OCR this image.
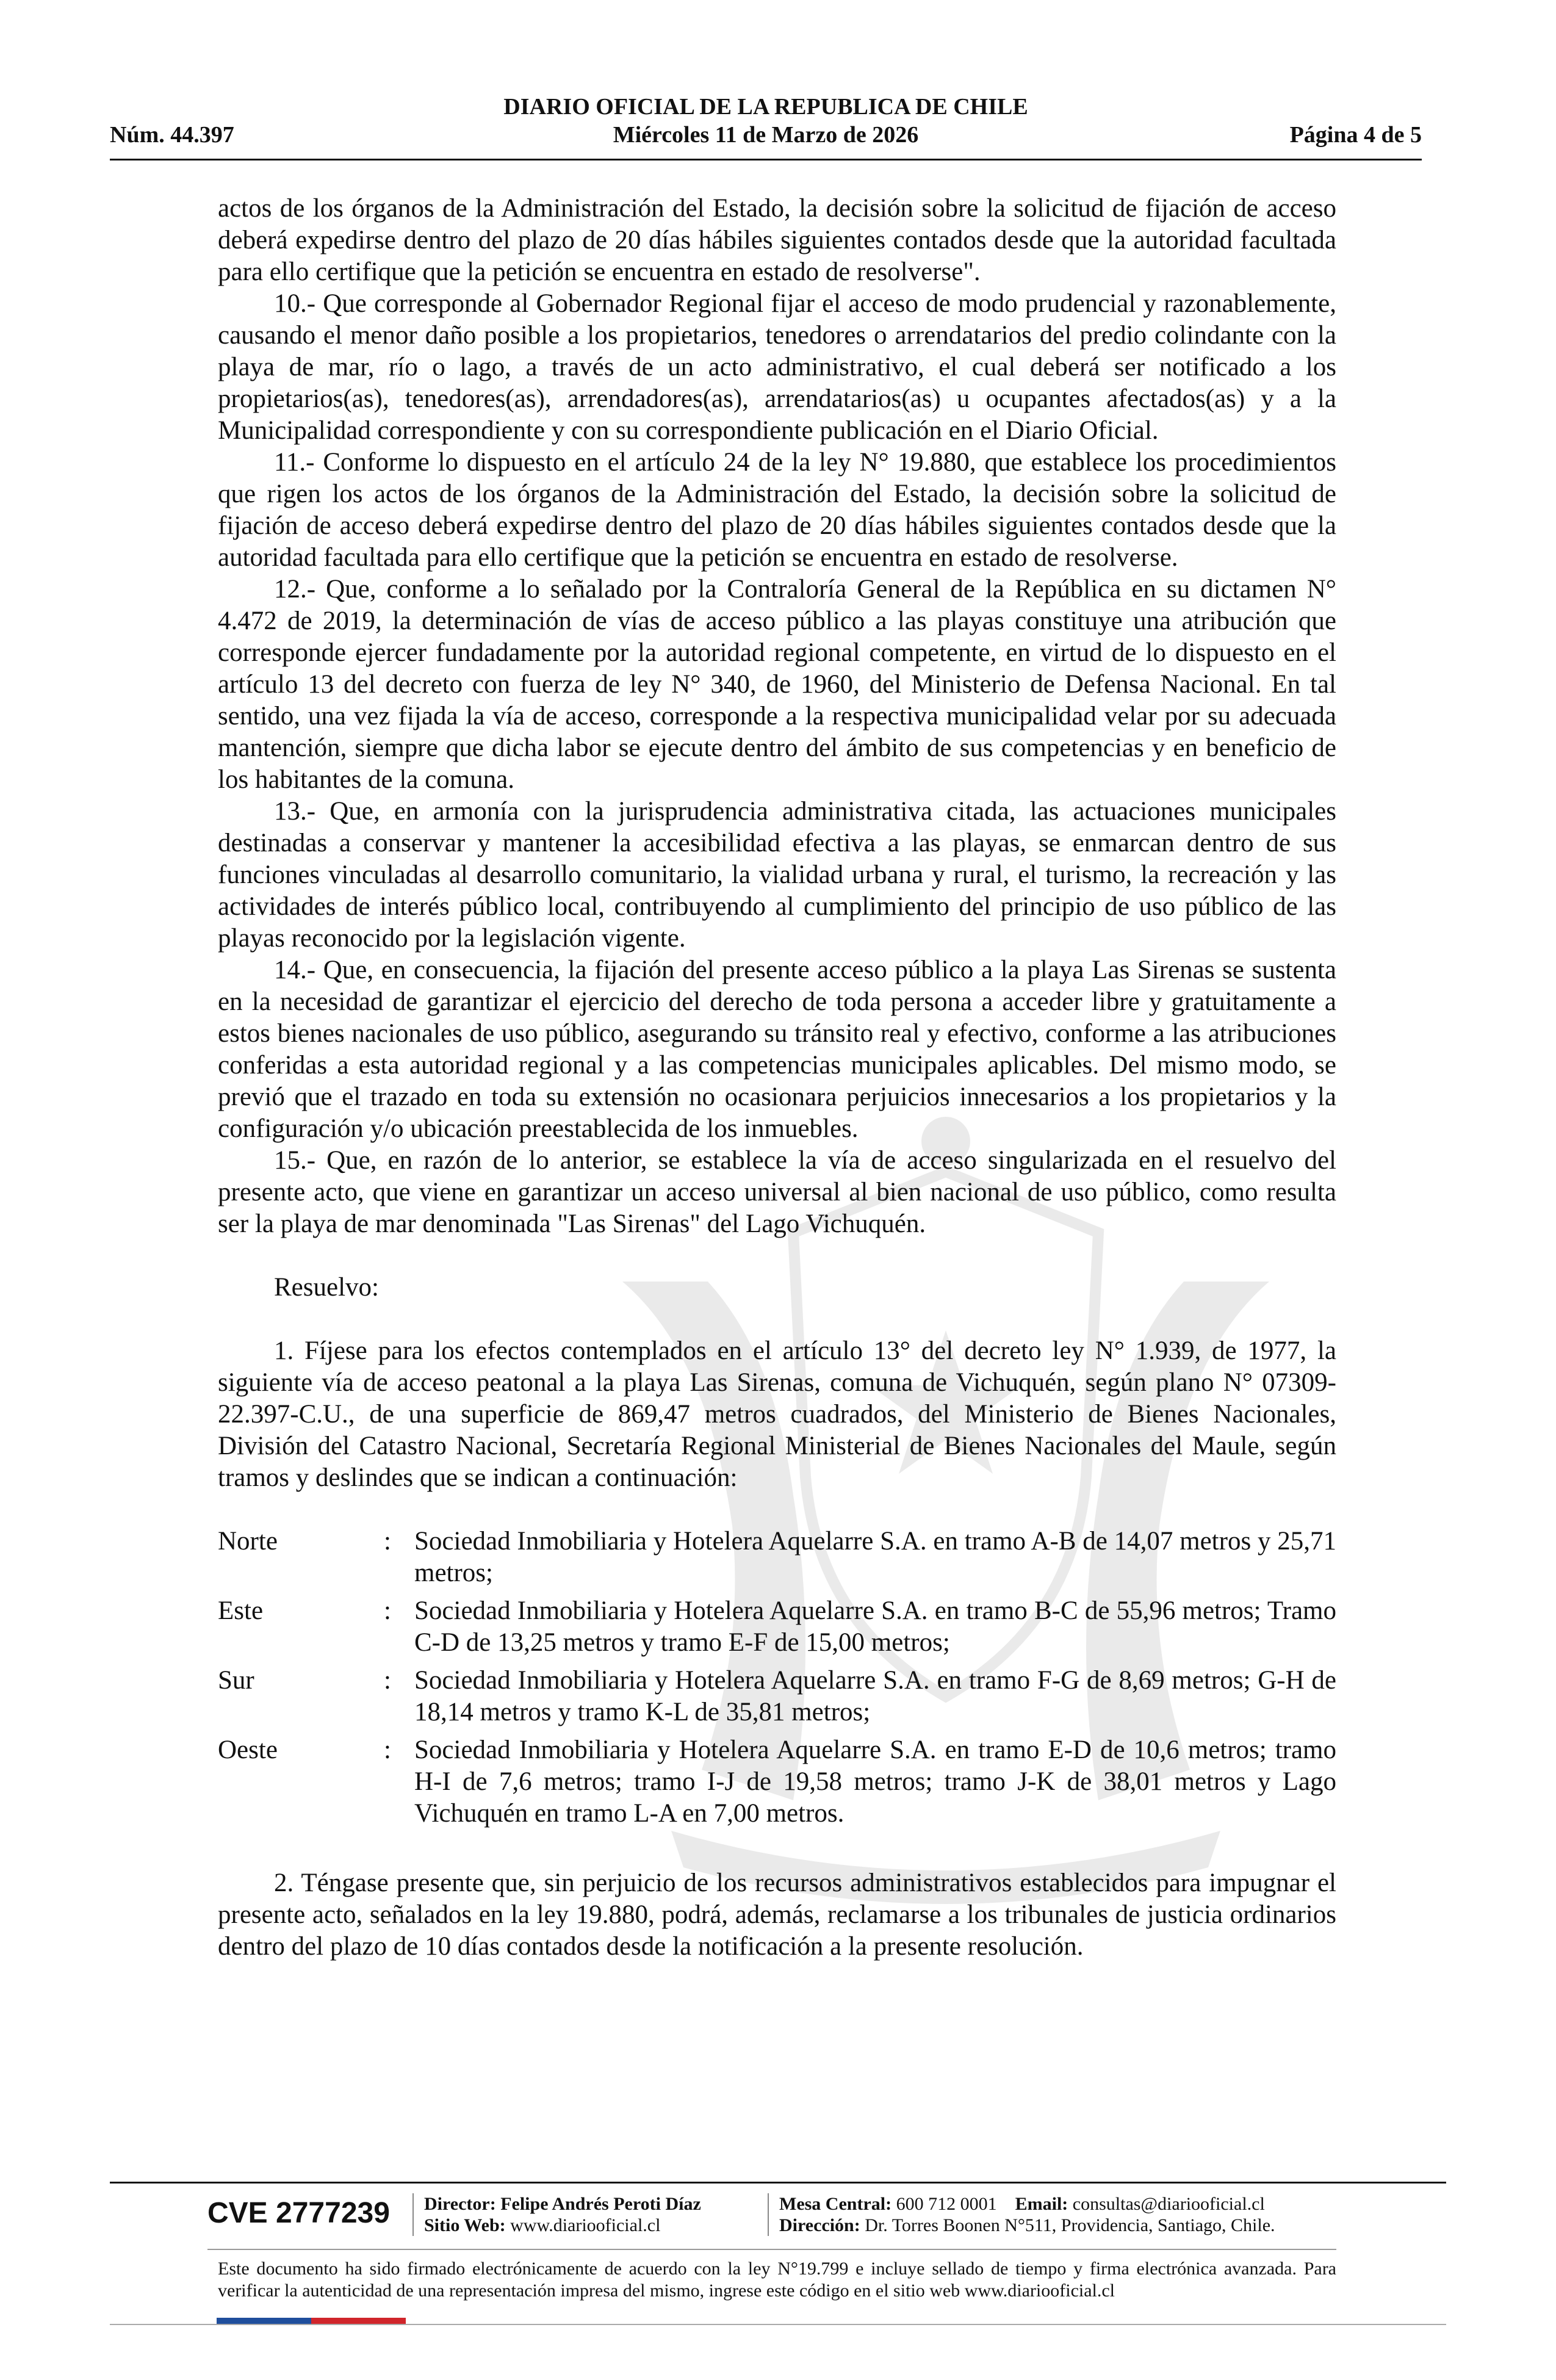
DIARIO OFICIAL DE LA REPUBLICA DE CHILE
Núm. 44.397	Miércoles 11 de Marzo de 2026	Página 4 de 5

actos de los órganos de la Administración del Estado, la decisión sobre la solicitud de fijación de acceso deberá expedirse dentro del plazo de 20 días hábiles siguientes contados desde que la autoridad facultada para ello certifique que la petición se encuentra en estado de resolverse".

10.- Que corresponde al Gobernador Regional fijar el acceso de modo prudencial y razonablemente, causando el menor daño posible a los propietarios, tenedores o arrendatarios del predio colindante con la playa de mar, río o lago, a través de un acto administrativo, el cual deberá ser notificado a los propietarios(as), tenedores(as), arrendadores(as), arrendatarios(as) u ocupantes afectados(as) y a la Municipalidad correspondiente y con su correspondiente publicación en el Diario Oficial.

11.- Conforme lo dispuesto en el artículo 24 de la ley N° 19.880, que establece los procedimientos que rigen los actos de los órganos de la Administración del Estado, la decisión sobre la solicitud de fijación de acceso deberá expedirse dentro del plazo de 20 días hábiles siguientes contados desde que la autoridad facultada para ello certifique que la petición se encuentra en estado de resolverse.

12.- Que, conforme a lo señalado por la Contraloría General de la República en su dictamen N° 4.472 de 2019, la determinación de vías de acceso público a las playas constituye una atribución que corresponde ejercer fundadamente por la autoridad regional competente, en virtud de lo dispuesto en el artículo 13 del decreto con fuerza de ley N° 340, de 1960, del Ministerio de Defensa Nacional. En tal sentido, una vez fijada la vía de acceso, corresponde a la respectiva municipalidad velar por su adecuada mantención, siempre que dicha labor se ejecute dentro del ámbito de sus competencias y en beneficio de los habitantes de la comuna.

13.- Que, en armonía con la jurisprudencia administrativa citada, las actuaciones municipales destinadas a conservar y mantener la accesibilidad efectiva a las playas, se enmarcan dentro de sus funciones vinculadas al desarrollo comunitario, la vialidad urbana y rural, el turismo, la recreación y las actividades de interés público local, contribuyendo al cumplimiento del principio de uso público de las playas reconocido por la legislación vigente.

14.- Que, en consecuencia, la fijación del presente acceso público a la playa Las Sirenas se sustenta en la necesidad de garantizar el ejercicio del derecho de toda persona a acceder libre y gratuitamente a estos bienes nacionales de uso público, asegurando su tránsito real y efectivo, conforme a las atribuciones conferidas a esta autoridad regional y a las competencias municipales aplicables. Del mismo modo, se previó que el trazado en toda su extensión no ocasionara perjuicios innecesarios a los propietarios y la configuración y/o ubicación preestablecida de los inmuebles.

15.- Que, en razón de lo anterior, se establece la vía de acceso singularizada en el resuelvo del presente acto, que viene en garantizar un acceso universal al bien nacional de uso público, como resulta ser la playa de mar denominada "Las Sirenas" del Lago Vichuquén.

Resuelvo:

1. Fíjese para los efectos contemplados en el artículo 13° del decreto ley N° 1.939, de 1977, la siguiente vía de acceso peatonal a la playa Las Sirenas, comuna de Vichuquén, según plano N° 07309-22.397-C.U., de una superficie de 869,47 metros cuadrados, del Ministerio de Bienes Nacionales, División del Catastro Nacional, Secretaría Regional Ministerial de Bienes Nacionales del Maule, según tramos y deslindes que se indican a continuación:

Norte	:	Sociedad Inmobiliaria y Hotelera Aquelarre S.A. en tramo A-B de 14,07 metros y 25,71 metros;
Este	:	Sociedad Inmobiliaria y Hotelera Aquelarre S.A. en tramo B-C de 55,96 metros; Tramo C-D de 13,25 metros y tramo E-F de 15,00 metros;
Sur	:	Sociedad Inmobiliaria y Hotelera Aquelarre S.A. en tramo F-G de 8,69 metros; G-H de 18,14 metros y tramo K-L de 35,81 metros;
Oeste	:	Sociedad Inmobiliaria y Hotelera Aquelarre S.A. en tramo E-D de 10,6 metros; tramo H-I de 7,6 metros; tramo I-J de 19,58 metros; tramo J-K de 38,01 metros y Lago Vichuquén en tramo L-A en 7,00 metros.

2. Téngase presente que, sin perjuicio de los recursos administrativos establecidos para impugnar el presente acto, señalados en la ley 19.880, podrá, además, reclamarse a los tribunales de justicia ordinarios dentro del plazo de 10 días contados desde la notificación a la presente resolución.

CVE 2777239 Director: Felipe Andrés Peroti Díaz
Sitio Web: www.diariooficial.cl
Mesa Central: 600 712 0001 Email: consultas@diariooficial.cl
Dirección: Dr. Torres Boonen N°511, Providencia, Santiago, Chile.
Este documento ha sido firmado electrónicamente de acuerdo con la ley N°19.799 e incluye sellado de tiempo y firma electrónica avanzada. Para verificar la autenticidad de una representación impresa del mismo, ingrese este código en el sitio web www.diariooficial.cl
